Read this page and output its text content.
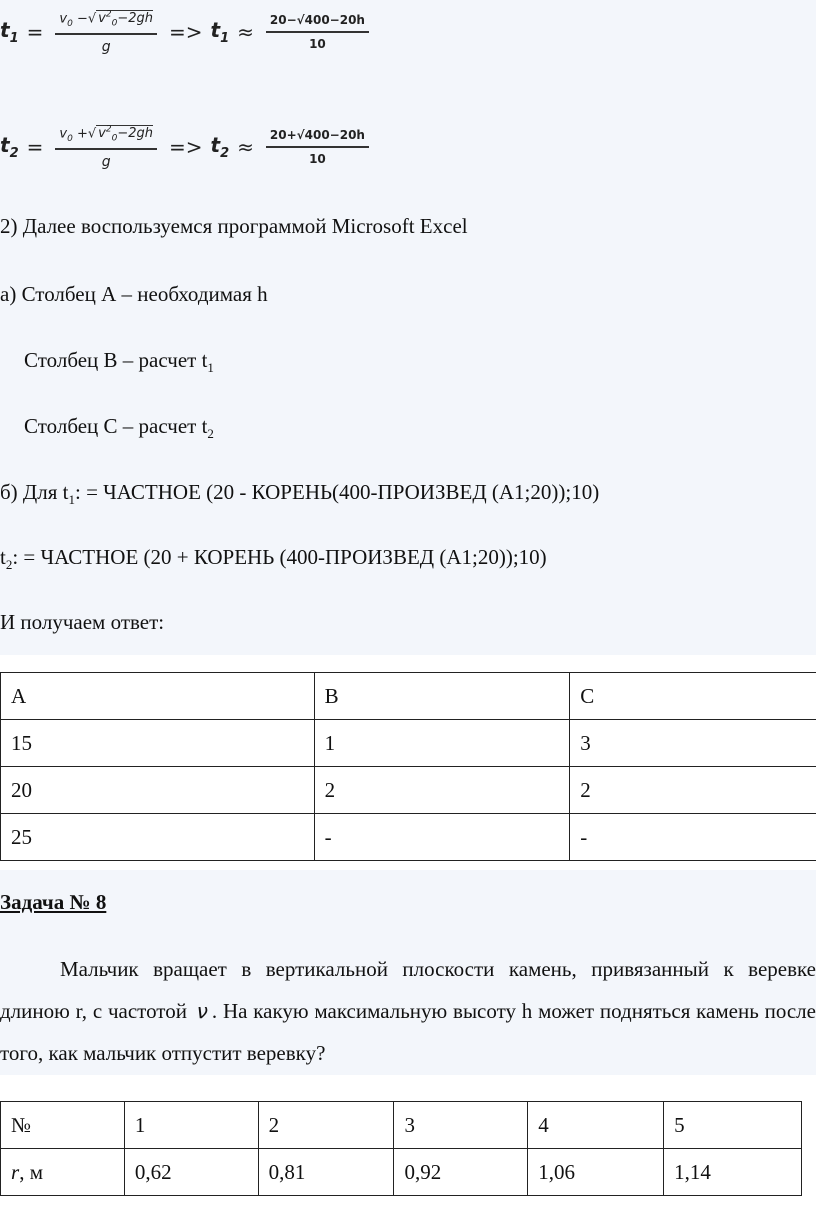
$t_1 = \frac{v_0 -√ v^2_0-2gh}{g} => t_1 \approx \frac{20-√400-20h}{10}$
$t_2 = \frac{v_0 +√ v^2_0-2gh}{g} => t_2 \approx \frac{20+√400-20h}{10}$
2) Далее воспользуемся программой Microsoft Excel
а) Столбец А – необходимая h
Столбец В – расчет $t_1$
Столбец С – расчет $t_2$
б) Для $t_1$: = ЧАСТНОЕ (20 - КОРЕНЬ(400-ПРОИЗВЕД (А1;20));10)
$t_2$: = ЧАСТНОЕ (20 + КОРЕНЬ (400-ПРОИЗВЕД (А1;20));10)
И получаем ответ:
А	В	С
15	1	3
20	2	2
25	-	-
Задача № 8
Мальчик вращает в вертикальной плоскости камень, привязанный к веревке длиною r, с частотой ν . На какую максимальную высоту h может подняться камень после того, как мальчик отпустит веревку?
№	1	2	3	4	5
r, м	0,62	0,81	0,92	1,06	1,14
